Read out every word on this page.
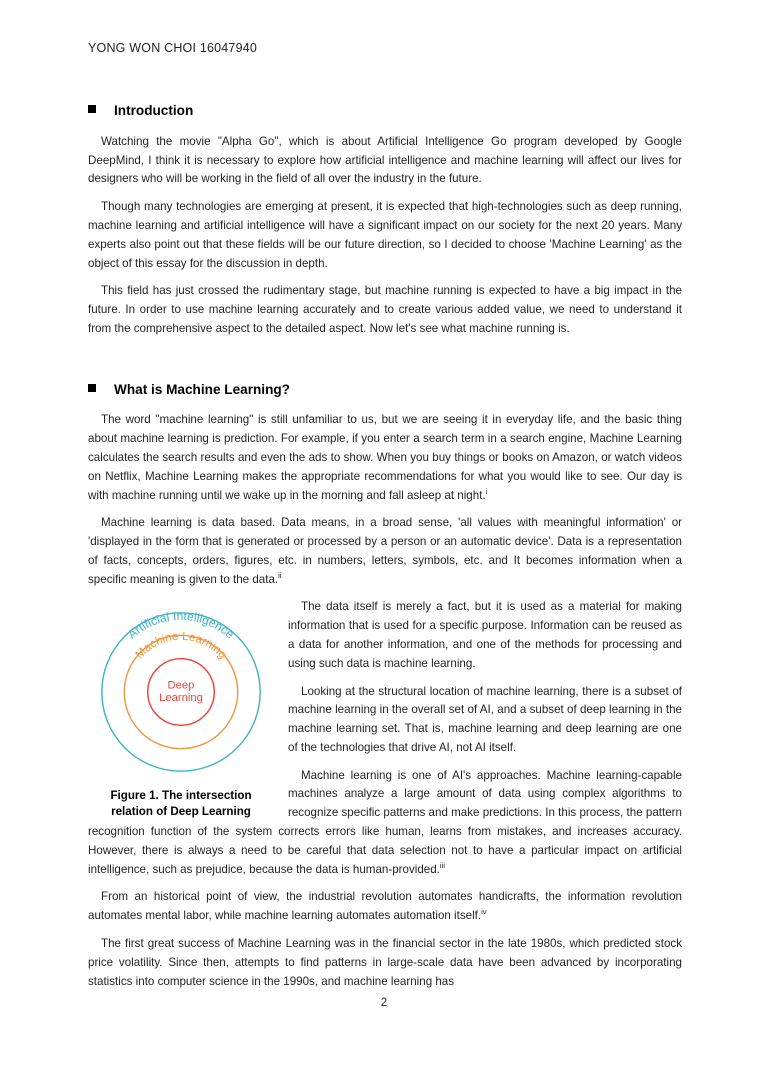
YONG WON CHOI 16047940
Introduction

Watching the movie "Alpha Go", which is about Artificial Intelligence Go program developed by Google DeepMind, I think it is necessary to explore how artificial intelligence and machine learning will affect our lives for designers who will be working in the field of all over the industry in the future.

Though many technologies are emerging at present, it is expected that high-technologies such as deep running, machine learning and artificial intelligence will have a significant impact on our society for the next 20 years. Many experts also point out that these fields will be our future direction, so I decided to choose 'Machine Learning' as the object of this essay for the discussion in depth.

This field has just crossed the rudimentary stage, but machine running is expected to have a big impact in the future. In order to use machine learning accurately and to create various added value, we need to understand it from the comprehensive aspect to the detailed aspect. Now let's see what machine running is.

What is Machine Learning?

The word "machine learning" is still unfamiliar to us, but we are seeing it in everyday life, and the basic thing about machine learning is prediction. For example, if you enter a search term in a search engine, Machine Learning calculates the search results and even the ads to show. When you buy things or books on Amazon, or watch videos on Netflix, Machine Learning makes the appropriate recommendations for what you would like to see. Our day is with machine running until we wake up in the morning and fall asleep at night.$^i$

Machine learning is data based. Data means, in a broad sense, 'all values with meaningful information' or 'displayed in the form that is generated or processed by a person or an automatic device'. Data is a representation of facts, concepts, orders, figures, etc. in numbers, letters, symbols, etc. and It becomes information when a specific meaning is given to the data.$^{ii}$

Artificial Intelligence
Machine Learning
Deep
Learning
Figure 1. The intersection
relation of Deep Learning

The data itself is merely a fact, but it is used as a material for making information that is used for a specific purpose. Information can be reused as a data for another information, and one of the methods for processing and using such data is machine learning.

Looking at the structural location of machine learning, there is a subset of machine learning in the overall set of AI, and a subset of deep learning in the machine learning set. That is, machine learning and deep learning are one of the technologies that drive AI, not AI itself.

Machine learning is one of AI's approaches. Machine learning-capable machines analyze a large amount of data using complex algorithms to recognize specific patterns and make predictions. In this process, the pattern recognition function of the system corrects errors like human, learns from mistakes, and increases accuracy. However, there is always a need to be careful that data selection not to have a particular impact on artificial intelligence, such as prejudice, because the data is human-provided.$^{iii}$

From an historical point of view, the industrial revolution automates handicrafts, the information revolution automates mental labor, while machine learning automates automation itself.$^{iv}$

The first great success of Machine Learning was in the financial sector in the late 1980s, which predicted stock price volatility. Since then, attempts to find patterns in large-scale data have been advanced by incorporating statistics into computer science in the 1990s, and machine learning has

2
